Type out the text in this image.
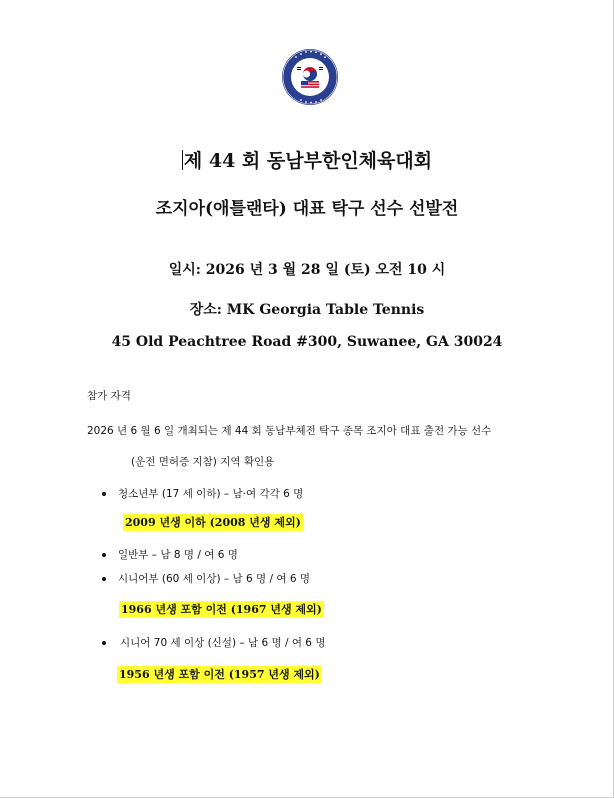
제 44 회 동남부한인체육대회
조지아(애틀랜타) 대표 탁구 선수 선발전
일시: 2026 년 3 월 28 일 (토) 오전 10 시
장소: MK Georgia Table Tennis
45 Old Peachtree Road #300, Suwanee, GA 30024
참가 자격
2026 년 6 월 6 일 개최되는 제 44 회 동남부체전 탁구 종목 조지아 대표 출전 가능 선수
(운전 면허증 지참) 지역 확인용
청소년부 (17 세 이하) – 남·여 각각 6 명
2009 년생 이하 (2008 년생 제외)
일반부 – 남 8 명 / 여 6 명
시니어부 (60 세 이상) – 남 6 명 / 여 6 명
1966 년생 포함 이전 (1967 년생 제외)
시니어 70 세 이상 (신설) – 남 6 명 / 여 6 명
1956 년생 포함 이전 (1957 년생 제외)
